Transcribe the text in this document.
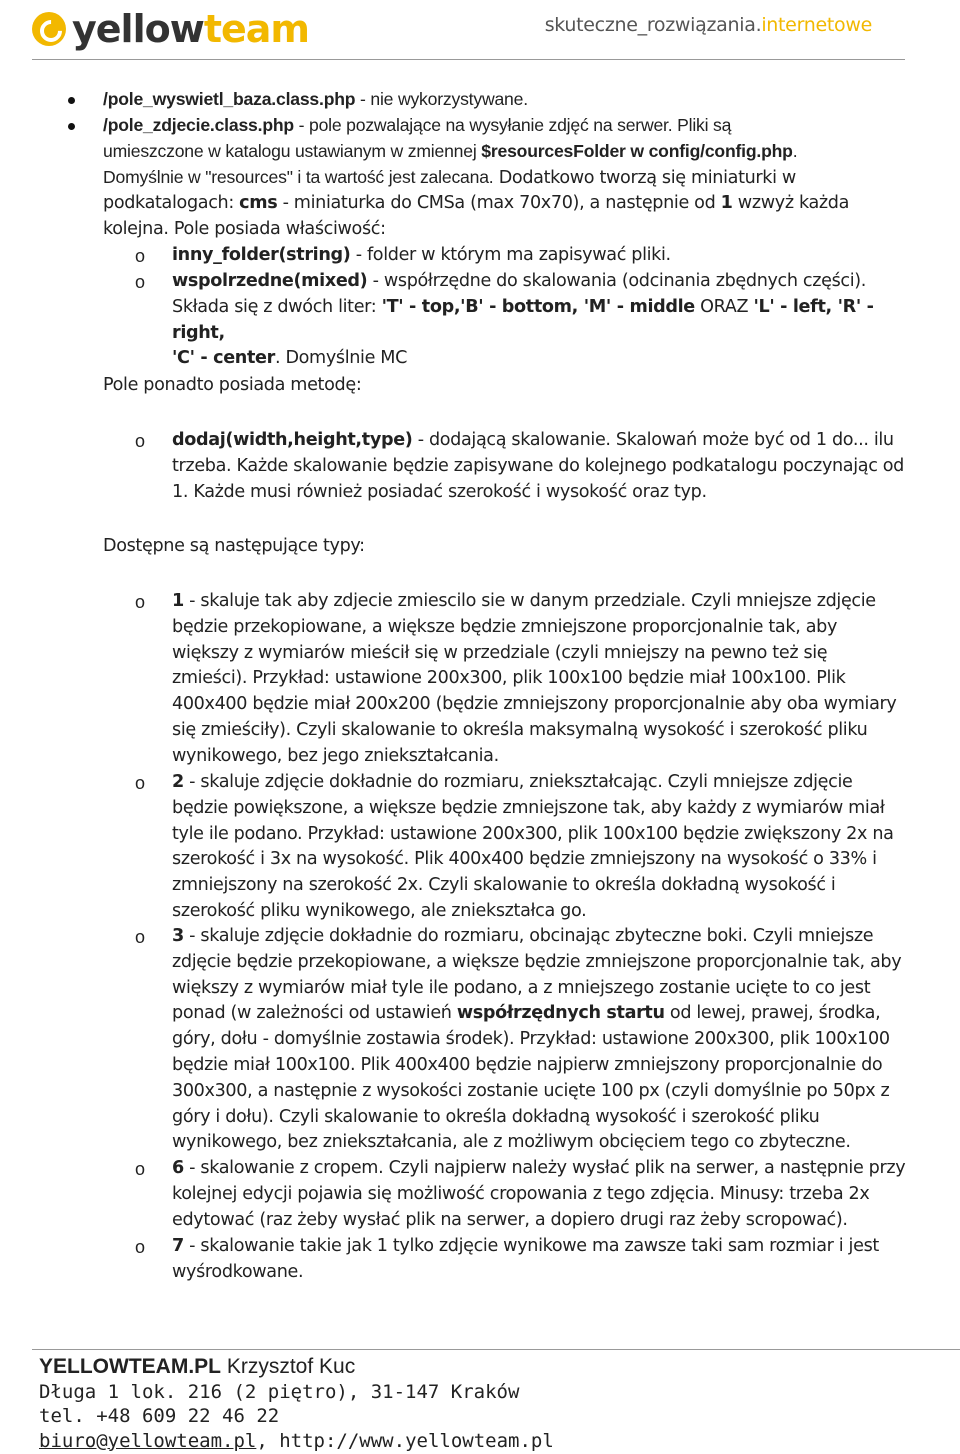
yellowteam	skuteczne_rozwiązania.internetowe
/pole_wyswietl_baza.class.php - nie wykorzystywane.
/pole_zdjecie.class.php - pole pozwalające na wysyłanie zdjęć na serwer. Pliki są
umieszczone w katalogu ustawianym w zmiennej $resourcesFolder w config/config.php.
Domyślnie w "resources" i ta wartość jest zalecana. Dodatkowo tworzą się miniaturki w
podkatalogach: cms - miniaturka do CMSa (max 70x70), a następnie od 1 wzwyż każda
kolejna. Pole posiada właściwość:
o inny_folder(string) - folder w którym ma zapisywać pliki.
o wspolrzedne(mixed) - współrzędne do skalowania (odcinania zbędnych części).
Składa się z dwóch liter: 'T' - top,'B' - bottom, 'M' - middle ORAZ 'L' - left, 'R' - right,
'C' - center. Domyślnie MC
Pole ponadto posiada metodę:
o dodaj(width,height,type) - dodającą skalowanie. Skalowań może być od 1 do... ilu trzeba. Każde skalowanie będzie zapisywane do kolejnego podkatalogu poczynając od 1. Każde musi również posiadać szerokość i wysokość oraz typ.
Dostępne są następujące typy:
o 1 - skaluje tak aby zdjecie zmiescilo sie w danym przedziale. Czyli mniejsze zdjęcie będzie przekopiowane, a większe będzie zmniejszone proporcjonalnie tak, aby większy z wymiarów mieścił się w przedziale (czyli mniejszy na pewno też się zmieści). Przykład: ustawione 200x300, plik 100x100 będzie miał 100x100. Plik 400x400 będzie miał 200x200 (będzie zmniejszony proporcjonalnie aby oba wymiary się zmieściły). Czyli skalowanie to określa maksymalną wysokość i szerokość pliku wynikowego, bez jego zniekształcania.
o 2 - skaluje zdjęcie dokładnie do rozmiaru, zniekształcając. Czyli mniejsze zdjęcie będzie powiększone, a większe będzie zmniejszone tak, aby każdy z wymiarów miał tyle ile podano. Przykład: ustawione 200x300, plik 100x100 będzie zwiększony 2x na szerokość i 3x na wysokość. Plik 400x400 będzie zmniejszony na wysokość o 33% i zmniejszony na szerokość 2x. Czyli skalowanie to określa dokładną wysokość i szerokość pliku wynikowego, ale zniekształca go.
o 3 - skaluje zdjęcie dokładnie do rozmiaru, obcinając zbyteczne boki. Czyli mniejsze zdjęcie będzie przekopiowane, a większe będzie zmniejszone proporcjonalnie tak, aby większy z wymiarów miał tyle ile podano, a z mniejszego zostanie ucięte to co jest ponad (w zależności od ustawień współrzędnych startu od lewej, prawej, środka, góry, dołu - domyślnie zostawia środek). Przykład: ustawione 200x300, plik 100x100 będzie miał 100x100. Plik 400x400 będzie najpierw zmniejszony proporcjonalnie do 300x300, a następnie z wysokości zostanie ucięte 100 px (czyli domyślnie po 50px z góry i dołu). Czyli skalowanie to określa dokładną wysokość i szerokość pliku wynikowego, bez zniekształcania, ale z możliwym obcięciem tego co zbyteczne.
o 6 - skalowanie z cropem. Czyli najpierw należy wysłać plik na serwer, a następnie przy kolejnej edycji pojawia się możliwość cropowania z tego zdjęcia. Minusy: trzeba 2x edytować (raz żeby wysłać plik na serwer, a dopiero drugi raz żeby scropować).
o 7 - skalowanie takie jak 1 tylko zdjęcie wynikowe ma zawsze taki sam rozmiar i jest wyśrodkowane.
YELLOWTEAM.PL Krzysztof Kuc
Długa 1 lok. 216 (2 piętro), 31-147 Kraków
tel. +48 609 22 46 22
biuro@yellowteam.pl, http://www.yellowteam.pl
